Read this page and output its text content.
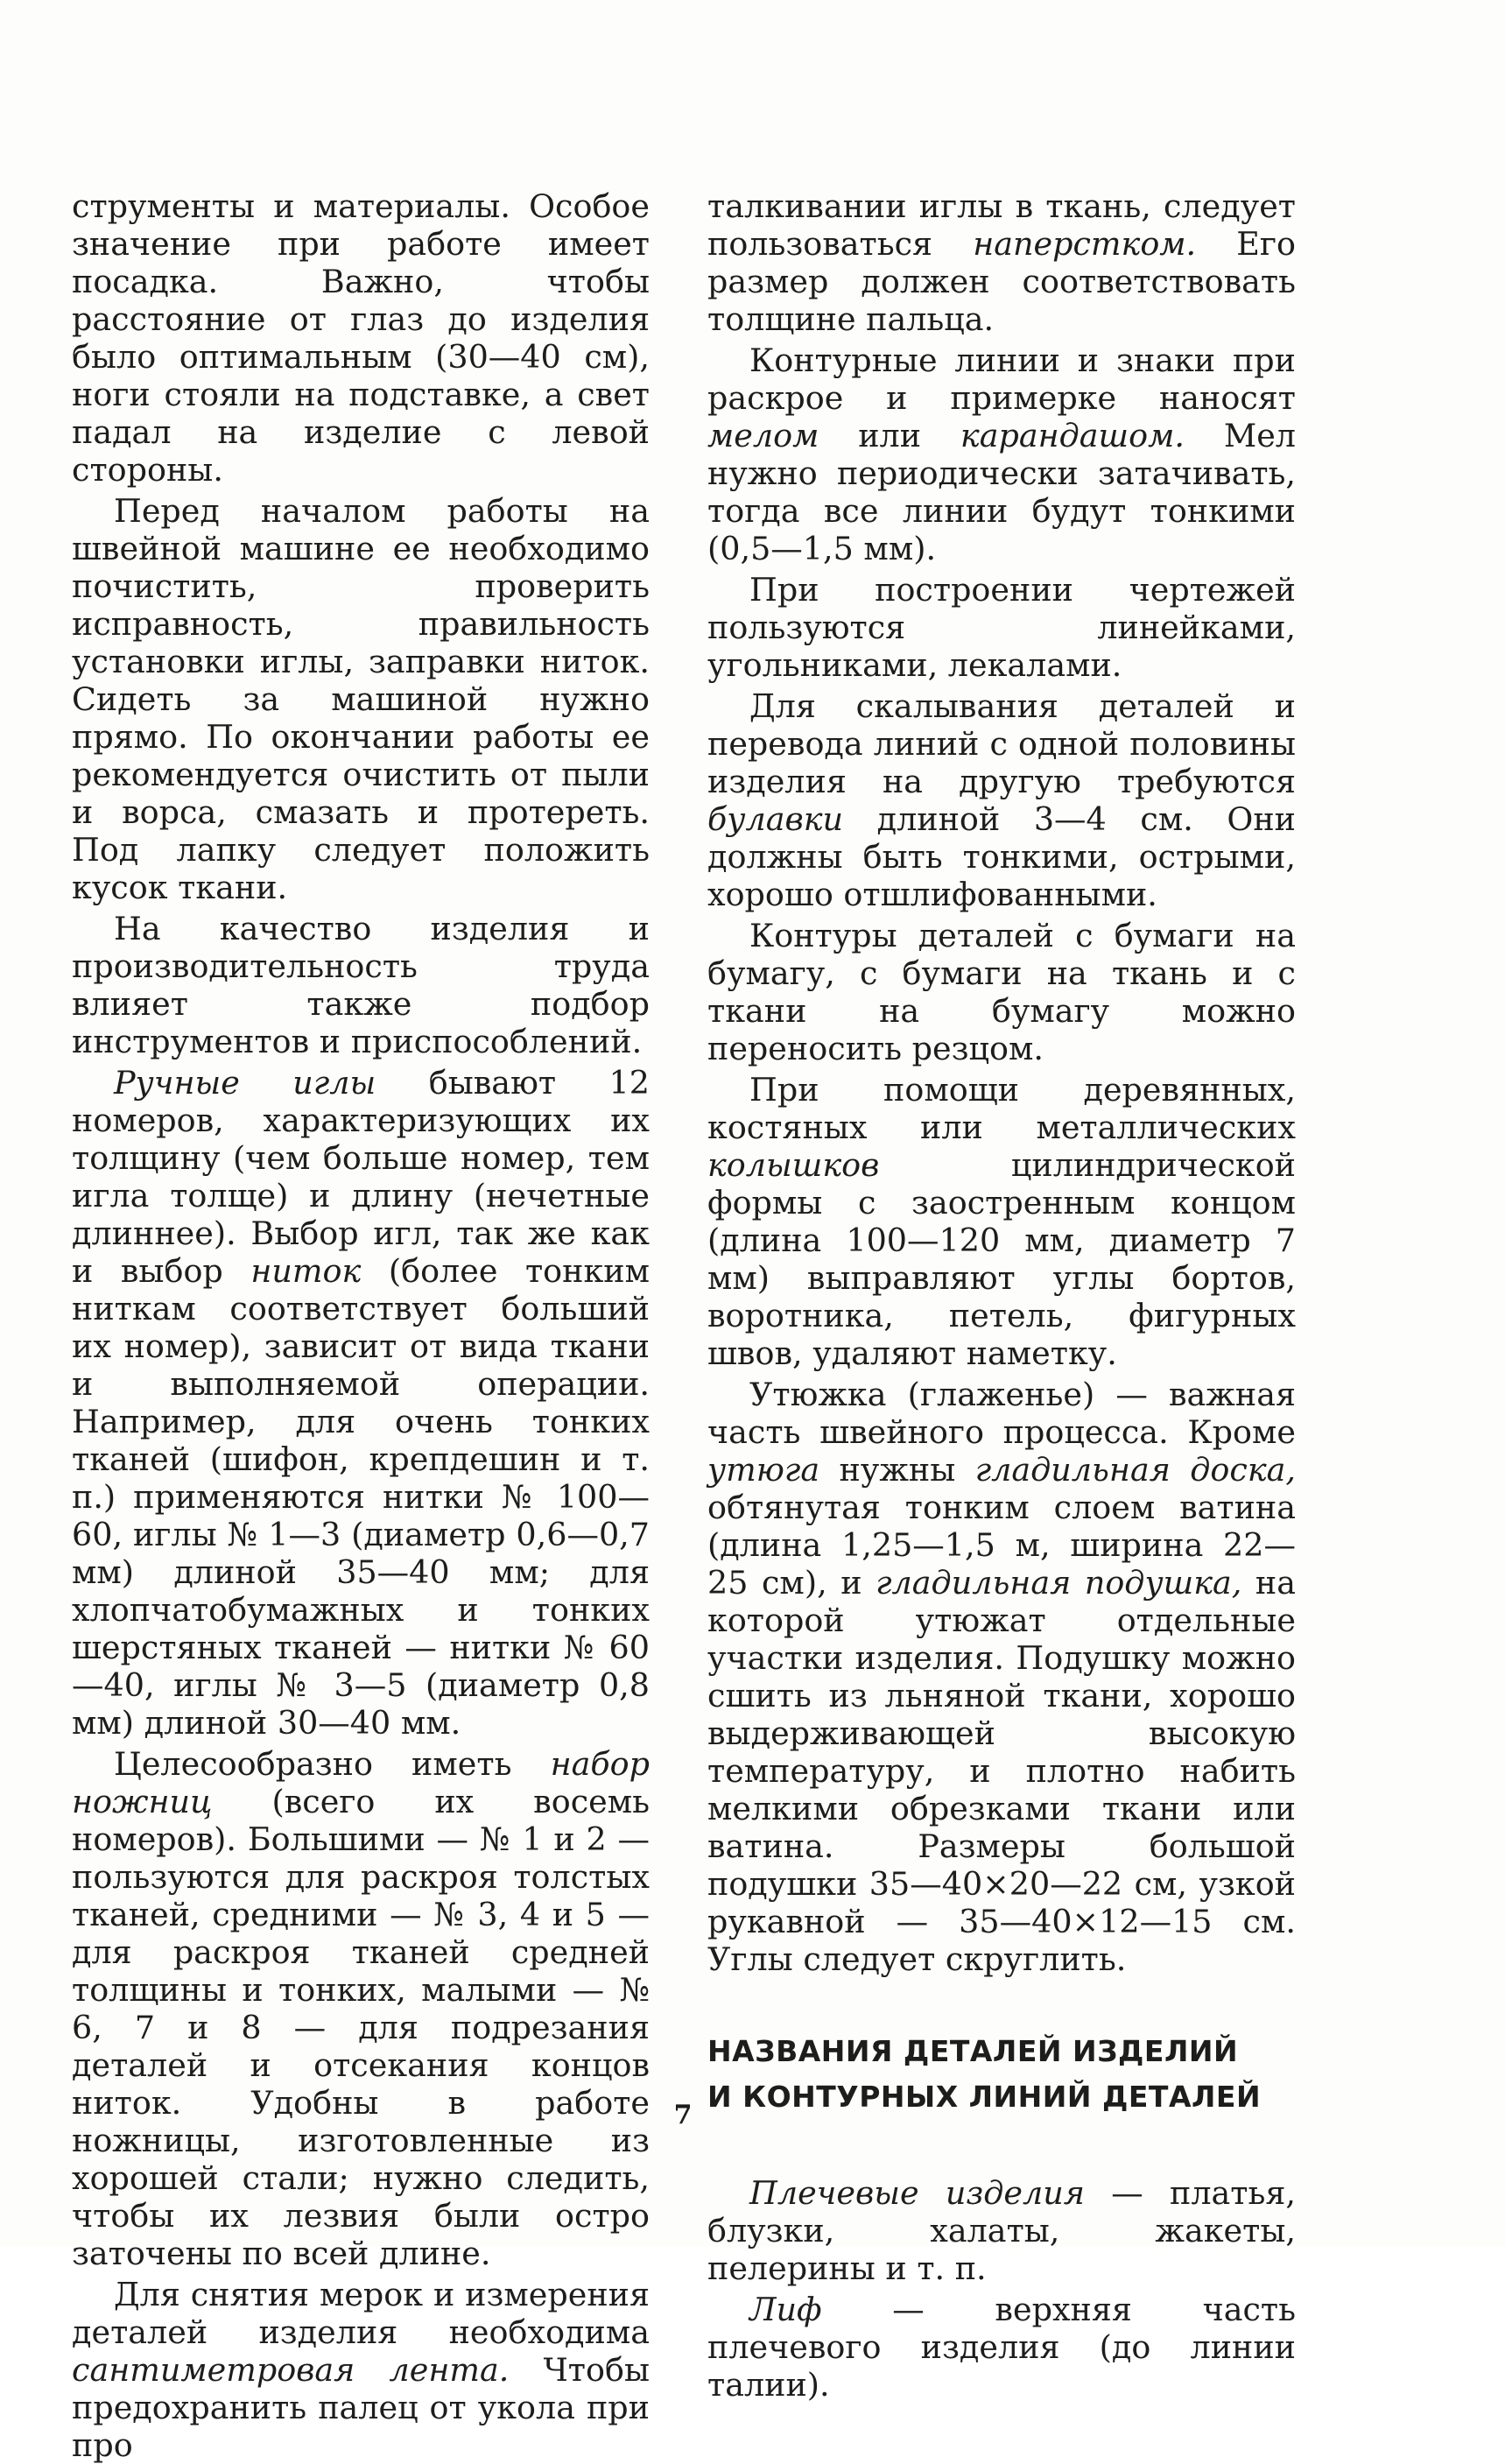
струменты и материалы. Особое значение при работе имеет посадка. Важно, чтобы расстояние от глаз до изделия было оптимальным (30—40 см), ноги стояли на подставке, а свет падал на изделие с левой стороны.

Перед началом работы на швейной машине ее необходимо почистить, проверить исправность, правильность установки иглы, заправки ниток. Сидеть за машиной нужно прямо. По окончании работы ее рекомендуется очистить от пыли и ворса, смазать и протереть. Под лапку следует положить кусок ткани.

На качество изделия и производительность труда влияет также подбор инструментов и приспособлений.

Ручные иглы бывают 12 номеров, характеризующих их толщину (чем больше номер, тем игла толще) и длину (нечетные длиннее). Выбор игл, так же как и выбор ниток (более тонким ниткам соответствует больший их номер), зависит от вида ткани и выполняемой операции. Например, для очень тонких тканей (шифон, крепдешин и т. п.) применяются нитки № 100—60, иглы № 1—3 (диаметр 0,6—0,7 мм) длиной 35—40 мм; для хлопчатобумажных и тонких шерстяных тканей — нитки № 60—40, иглы № 3—5 (диаметр 0,8 мм) длиной 30—40 мм.

Целесообразно иметь набор ножниц (всего их восемь номеров). Большими — № 1 и 2 — пользуются для раскроя толстых тканей, средними — № 3, 4 и 5 — для раскроя тканей средней толщины и тонких, малыми — № 6, 7 и 8 — для подрезания деталей и отсекания концов ниток. Удобны в работе ножницы, изготовленные из хорошей стали; нужно следить, чтобы их лезвия были остро заточены по всей длине.

Для снятия мерок и измерения деталей изделия необходима сантиметровая лента. Чтобы предохранить палец от укола при про

талкивании иглы в ткань, следует пользоваться наперстком. Его размер должен соответствовать толщине пальца.

Контурные линии и знаки при раскрое и примерке наносят мелом или карандашом. Мел нужно периодически затачивать, тогда все линии будут тонкими (0,5—1,5 мм).

При построении чертежей пользуются линейками, угольниками, лекалами.

Для скалывания деталей и перевода линий с одной половины изделия на другую требуются булавки длиной 3—4 см. Они должны быть тонкими, острыми, хорошо отшлифованными.

Контуры деталей с бумаги на бумагу, с бумаги на ткань и с ткани на бумагу можно переносить резцом.

При помощи деревянных, костяных или металлических колышков цилиндрической формы с заостренным концом (длина 100—120 мм, диаметр 7 мм) выправляют углы бортов, воротника, петель, фигурных швов, удаляют наметку.

Утюжка (глаженье) — важная часть швейного процесса. Кроме утюга нужны гладильная доска, обтянутая тонким слоем ватина (длина 1,25—1,5 м, ширина 22—25 см), и гладильная подушка, на которой утюжат отдельные участки изделия. Подушку можно сшить из льняной ткани, хорошо выдерживающей высокую температуру, и плотно набить мелкими обрезками ткани или ватина. Размеры большой подушки 35—40×20—22 см, узкой рукавной — 35—40×12—15 см. Углы следует скруглить.

НАЗВАНИЯ ДЕТАЛЕЙ ИЗДЕЛИЙ
И КОНТУРНЫХ ЛИНИЙ ДЕТАЛЕЙ

Плечевые изделия — платья, блузки, халаты, жакеты, пелерины и т. п.

Лиф — верхняя часть плечевого изделия (до линии талии).

7
